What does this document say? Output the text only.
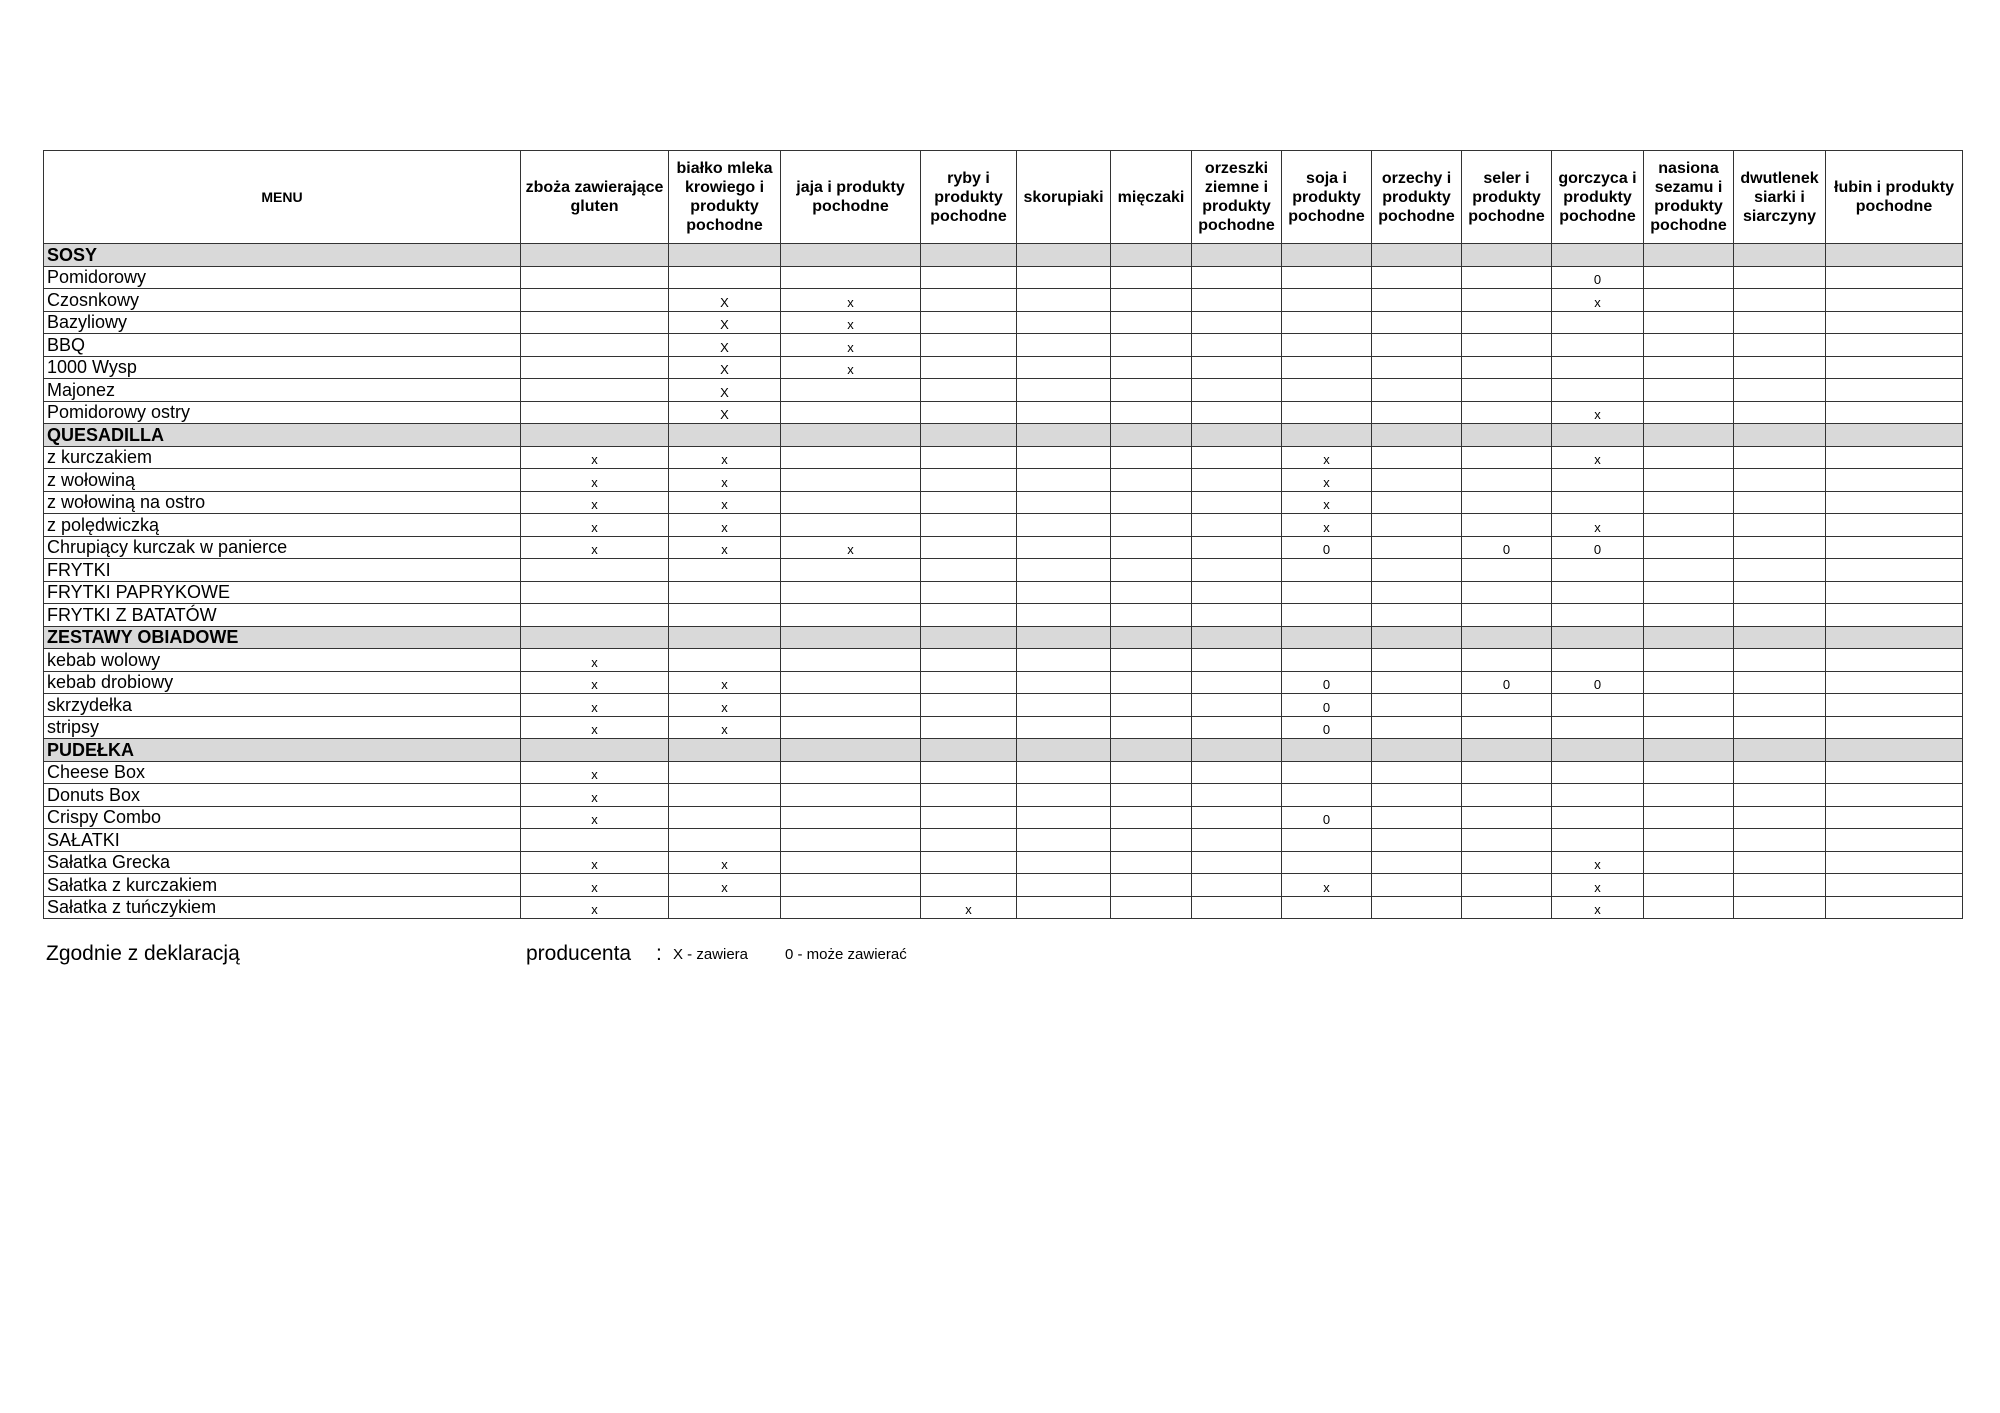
MENU	zboża zawierające gluten	białko mleka krowiego i produkty pochodne	jaja i produkty pochodne	ryby i produkty pochodne	skorupiaki	mięczaki	orzeszki ziemne i produkty pochodne	soja i produkty pochodne	orzechy i produkty pochodne	seler i produkty pochodne	gorczyca i produkty pochodne	nasiona sezamu i produkty pochodne	dwutlenek siarki i siarczyny	łubin i produkty pochodne
SOSY														
Pomidorowy											0			
Czosnkowy		X	x								x			
Bazyliowy		X	x											
BBQ		X	x											
1000 Wysp		X	x											
Majonez		X												
Pomidorowy ostry		X									x			
QUESADILLA														
z kurczakiem	x	x						x			x			
z wołowiną	x	x						x						
z wołowiną na ostro	x	x						x						
z polędwiczką	x	x						x			x			
Chrupiący kurczak w panierce	x	x	x					0		0	0			
FRYTKI														
FRYTKI PAPRYKOWE														
FRYTKI Z BATATÓW														
ZESTAWY OBIADOWE														
kebab wolowy	x													
kebab drobiowy	x	x						0		0	0			
skrzydełka	x	x						0						
stripsy	x	x						0						
PUDEŁKA														
Cheese Box	x													
Donuts Box	x													
Crispy Combo	x							0						
SAŁATKI														
Sałatka Grecka	x	x									x			
Sałatka z kurczakiem	x	x						x			x			
Sałatka z tuńczykiem	x			x							x			
Zgodnie z deklaracją	producenta : X - zawiera 0 - może zawierać
